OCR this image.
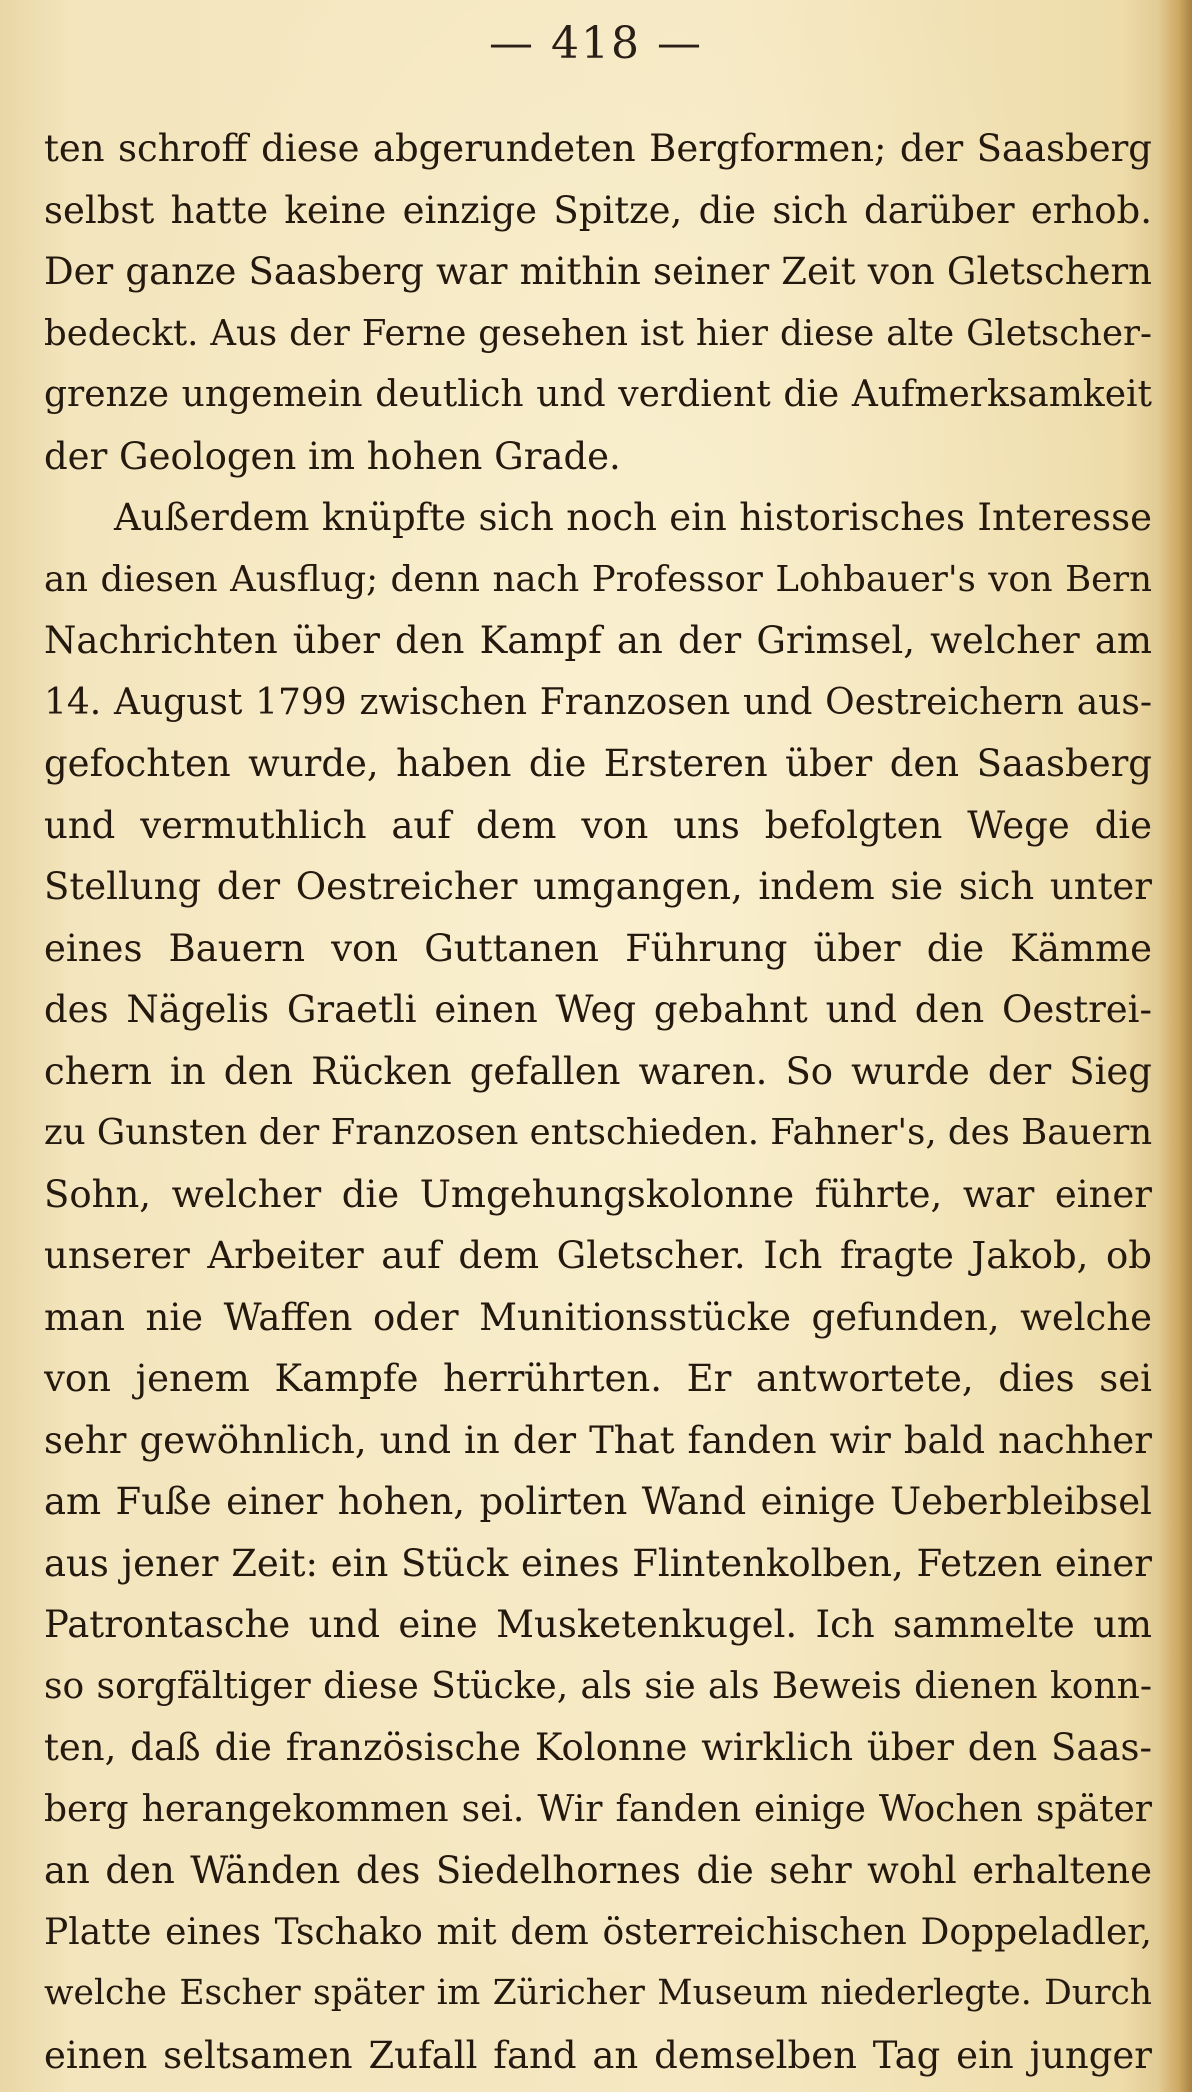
— 418 —
ten schroff diese abgerundeten Bergformen; der Saasberg
selbst hatte keine einzige Spitze, die sich darüber erhob.
Der ganze Saasberg war mithin seiner Zeit von Gletschern
bedeckt. Aus der Ferne gesehen ist hier diese alte Gletscher-
grenze ungemein deutlich und verdient die Aufmerksamkeit
der Geologen im hohen Grade.
Außerdem knüpfte sich noch ein historisches Interesse
an diesen Ausflug; denn nach Professor Lohbauer's von Bern
Nachrichten über den Kampf an der Grimsel, welcher am
14. August 1799 zwischen Franzosen und Oestreichern aus-
gefochten wurde, haben die Ersteren über den Saasberg
und vermuthlich auf dem von uns befolgten Wege die
Stellung der Oestreicher umgangen, indem sie sich unter
eines Bauern von Guttanen Führung über die Kämme
des Nägelis Graetli einen Weg gebahnt und den Oestrei-
chern in den Rücken gefallen waren. So wurde der Sieg
zu Gunsten der Franzosen entschieden. Fahner's, des Bauern
Sohn, welcher die Umgehungskolonne führte, war einer
unserer Arbeiter auf dem Gletscher. Ich fragte Jakob, ob
man nie Waffen oder Munitionsstücke gefunden, welche
von jenem Kampfe herrührten. Er antwortete, dies sei
sehr gewöhnlich, und in der That fanden wir bald nachher
am Fuße einer hohen, polirten Wand einige Ueberbleibsel
aus jener Zeit: ein Stück eines Flintenkolben, Fetzen einer
Patrontasche und eine Musketenkugel. Ich sammelte um
so sorgfältiger diese Stücke, als sie als Beweis dienen konn-
ten, daß die französische Kolonne wirklich über den Saas-
berg herangekommen sei. Wir fanden einige Wochen später
an den Wänden des Siedelhornes die sehr wohl erhaltene
Platte eines Tschako mit dem österreichischen Doppeladler,
welche Escher später im Züricher Museum niederlegte. Durch
einen seltsamen Zufall fand an demselben Tag ein junger
